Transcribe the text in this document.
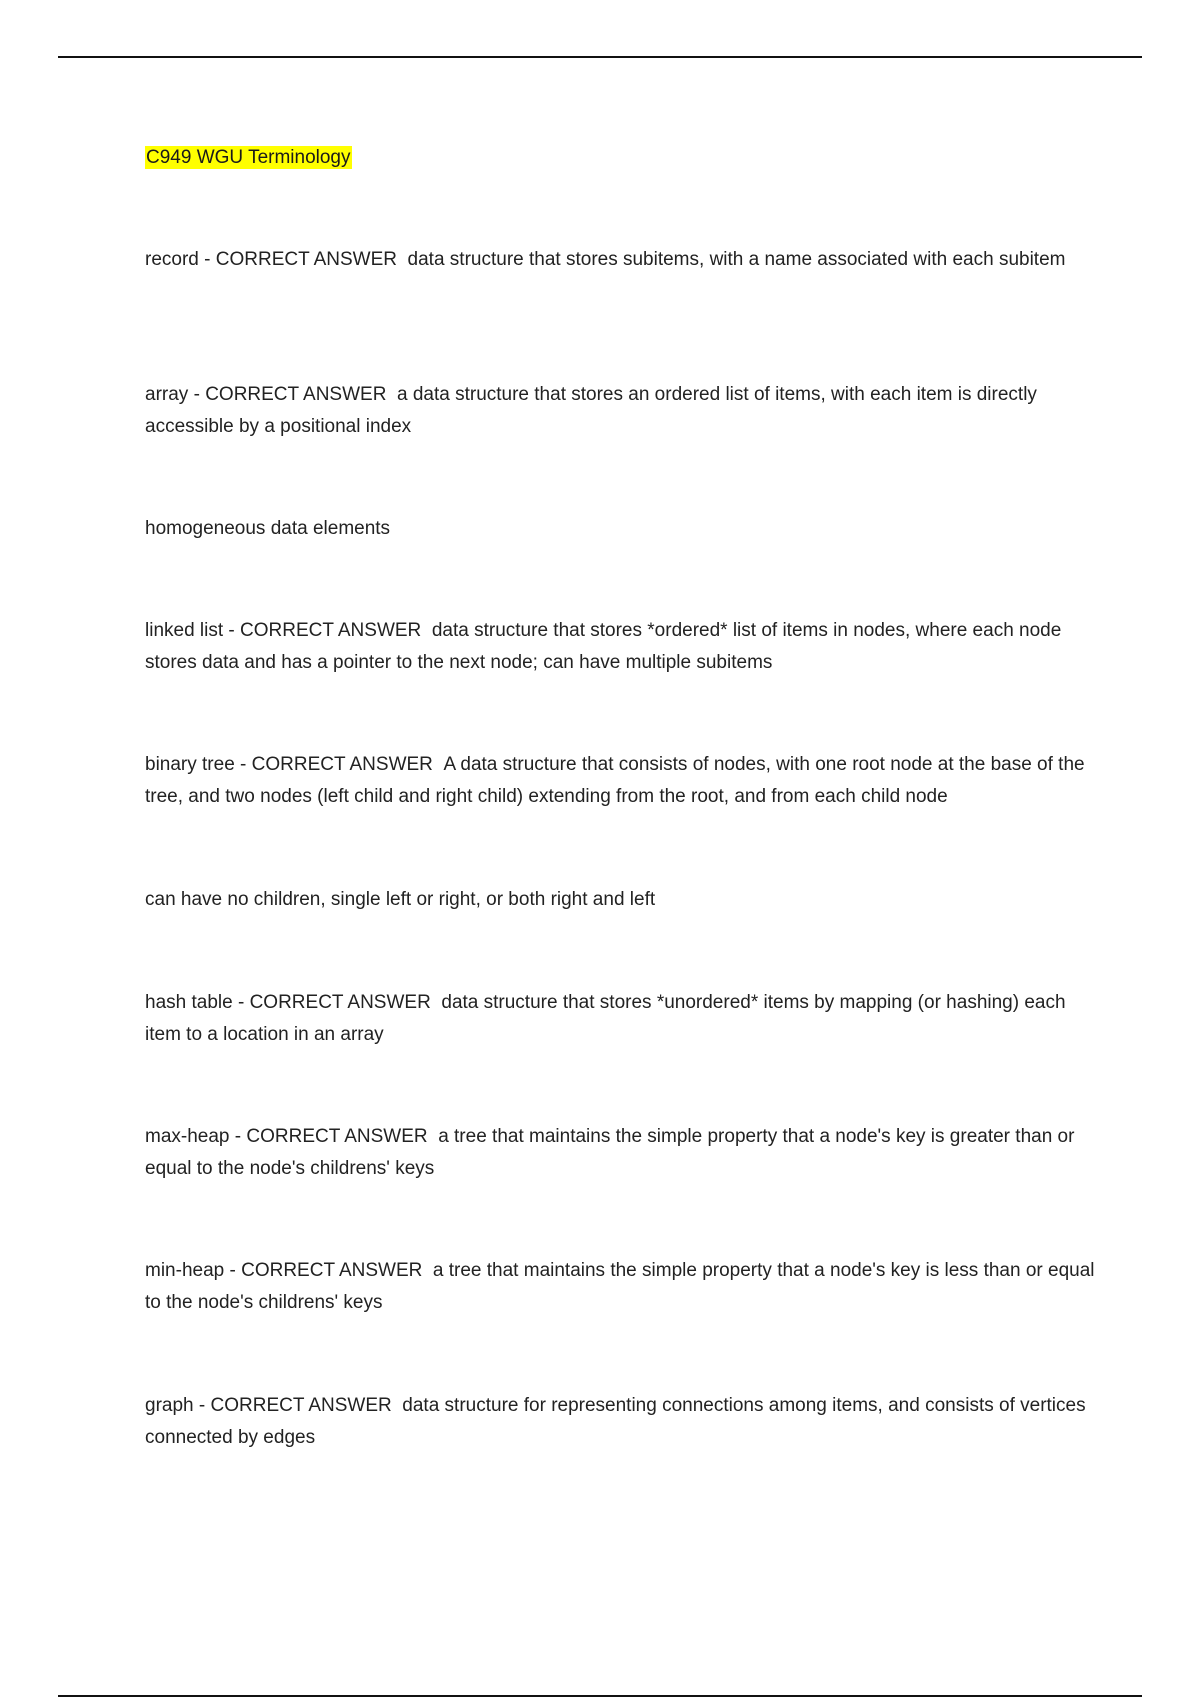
C949 WGU Terminology
record - CORRECT ANSWER data structure that stores subitems, with a name associated with each subitem
array - CORRECT ANSWER a data structure that stores an ordered list of items, with each item is directly accessible by a positional index
homogeneous data elements
linked list - CORRECT ANSWER data structure that stores *ordered* list of items in nodes, where each node stores data and has a pointer to the next node; can have multiple subitems
binary tree - CORRECT ANSWER A data structure that consists of nodes, with one root node at the base of the tree, and two nodes (left child and right child) extending from the root, and from each child node
can have no children, single left or right, or both right and left
hash table - CORRECT ANSWER data structure that stores *unordered* items by mapping (or hashing) each item to a location in an array
max-heap - CORRECT ANSWER a tree that maintains the simple property that a node's key is greater than or equal to the node's childrens' keys
min-heap - CORRECT ANSWER a tree that maintains the simple property that a node's key is less than or equal to the node's childrens' keys
graph - CORRECT ANSWER data structure for representing connections among items, and consists of vertices connected by edges
